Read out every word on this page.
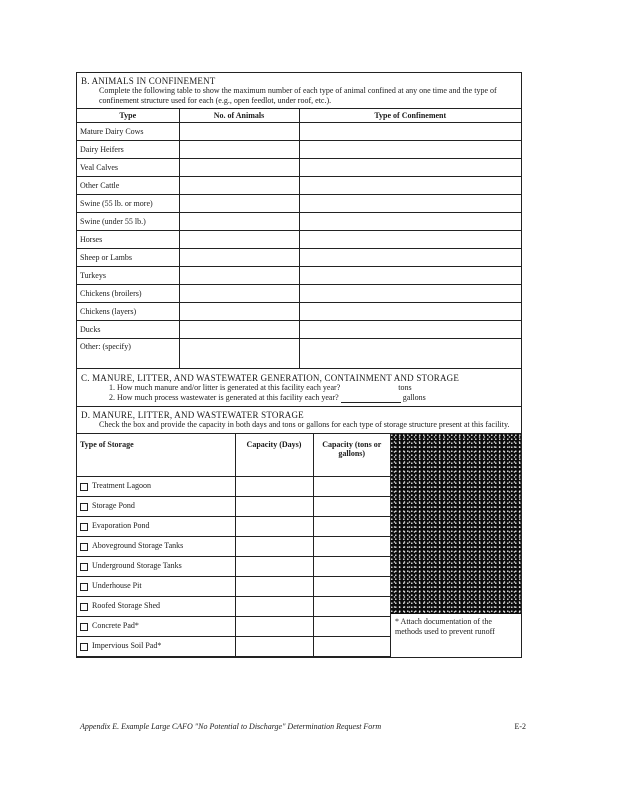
B. ANIMALS IN CONFINEMENT
Complete the following table to show the maximum number of each type of animal confined at any one time and the type of confinement structure used for each (e.g., open feedlot, under roof, etc.).
Type	No. of Animals	Type of Confinement
Mature Dairy Cows		
Dairy Heifers		
Veal Calves		
Other Cattle		
Swine (55 lb. or more)		
Swine (under 55 lb.)		
Horses		
Sheep or Lambs		
Turkeys		
Chickens (broilers)		
Chickens (layers)		
Ducks		
Other: (specify)		
C. MANURE, LITTER, AND WASTEWATER GENERATION, CONTAINMENT AND STORAGE
1. How much manure and/or litter is generated at this facility each year?	tons
2. How much process wastewater is generated at this facility each year?	gallons
D. MANURE, LITTER, AND WASTEWATER STORAGE
Check the box and provide the capacity in both days and tons or gallons for each type of storage structure present at this facility.
Type of Storage	Capacity (Days)	Capacity (tons or gallons)
Treatment Lagoon		
Storage Pond		
Evaporation Pond		
Aboveground Storage Tanks		
Underground Storage Tanks		
Underhouse Pit		
Roofed Storage Shed		
Concrete Pad*		
Impervious Soil Pad*		
* Attach documentation of the methods used to prevent runoff
Appendix E. Example Large CAFO "No Potential to Discharge" Determination Request Form	E-2
